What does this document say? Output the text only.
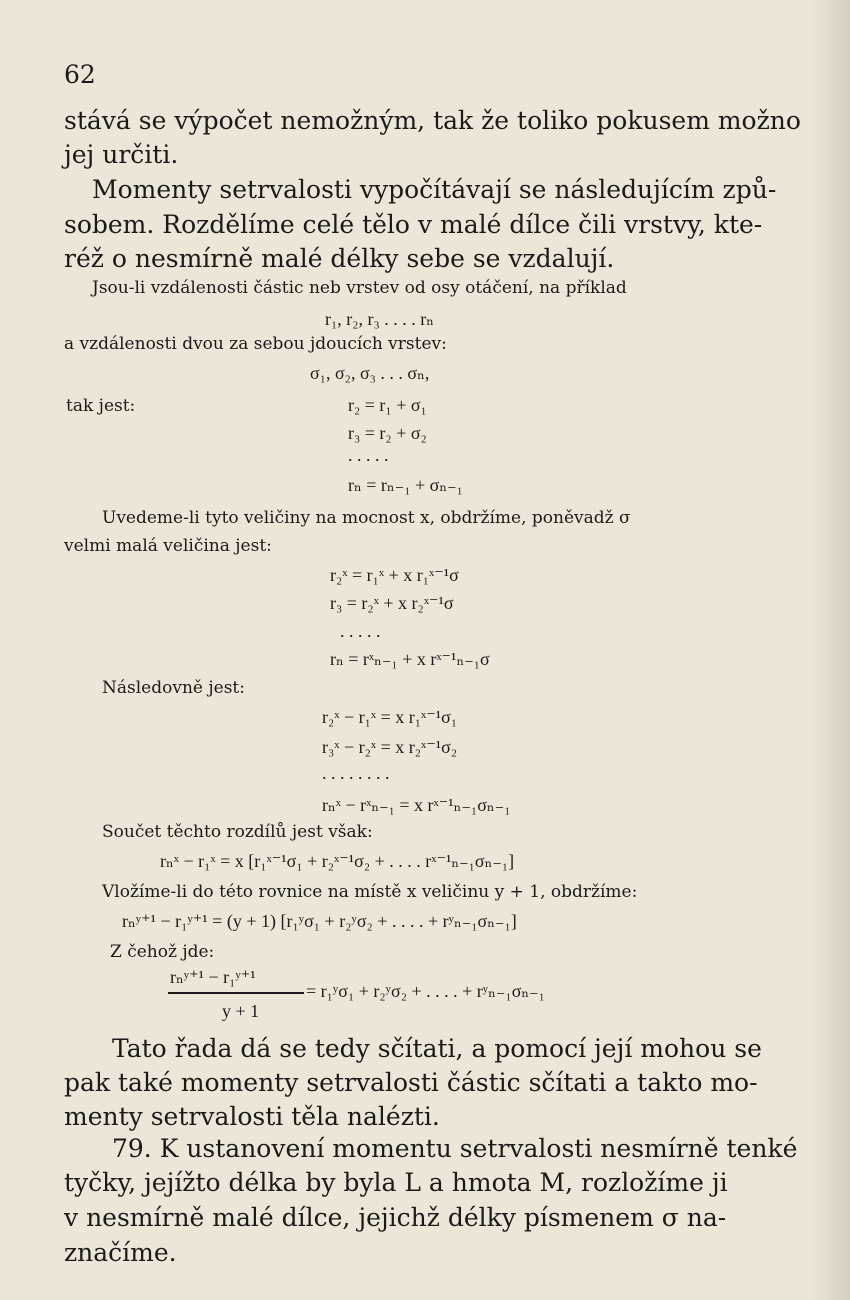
62
stává se výpočet nemožným, tak že toliko pokusem možno
jej určiti.
Momenty setrvalosti vypočítávají se následujícím způ-
sobem. Rozdělíme celé tělo v malé dílce čili vrstvy, kte-
réž o nesmírně malé délky sebe se vzdalují.
Jsou-li vzdálenosti částic neb vrstev od osy otáčení, na příklad
r₁, r₂, r₃ . . . . rₙ
a vzdálenosti dvou za sebou jdoucích vrstev:
σ₁, σ₂, σ₃ . . . σₙ,
tak jest:	r₂ = r₁ + σ₁
r₃ = r₂ + σ₂
. . . . .
rₙ = rₙ₋₁ + σₙ₋₁
Uvedeme-li tyto veličiny na mocnost x, obdržíme, poněvadž σ
velmi malá veličina jest:
r₂ˣ = r₁ˣ + x r₁ˣ⁻¹σ
r₃ = r₂ˣ + x r₂ˣ⁻¹σ
. . . . .
rₙ = rˣₙ₋₁ + x rˣ⁻¹ₙ₋₁σ
Následovně jest:
r₂ˣ − r₁ˣ = x r₁ˣ⁻¹σ₁
r₃ˣ − r₂ˣ = x r₂ˣ⁻¹σ₂
. . . . . . . .
rₙˣ − rˣₙ₋₁ = x rˣ⁻¹ₙ₋₁σₙ₋₁
Součet těchto rozdílů jest však:
rₙˣ − r₁ˣ = x [r₁ˣ⁻¹σ₁ + r₂ˣ⁻¹σ₂ + . . . . rˣ⁻¹ₙ₋₁σₙ₋₁]
Vložíme-li do této rovnice na místě x veličinu y + 1, obdržíme:
rₙʸ⁺¹ − r₁ʸ⁺¹ = (y + 1) [r₁ʸσ₁ + r₂ʸσ₂ + . . . . + rʸₙ₋₁σₙ₋₁]
Z čehož jde:
rₙʸ⁺¹ − r₁ʸ⁺¹
y + 1
= r₁ʸσ₁ + r₂ʸσ₂ + . . . . + rʸₙ₋₁σₙ₋₁
Tato řada dá se tedy sčítati, a pomocí její mohou se
pak také momenty setrvalosti částic sčítati a takto mo-
menty setrvalosti těla nalézti.
79. K ustanovení momentu setrvalosti nesmírně tenké
tyčky, jejížto délka by byla L a hmota M, rozložíme ji
v nesmírně malé dílce, jejichž délky písmenem σ na-
značíme.
